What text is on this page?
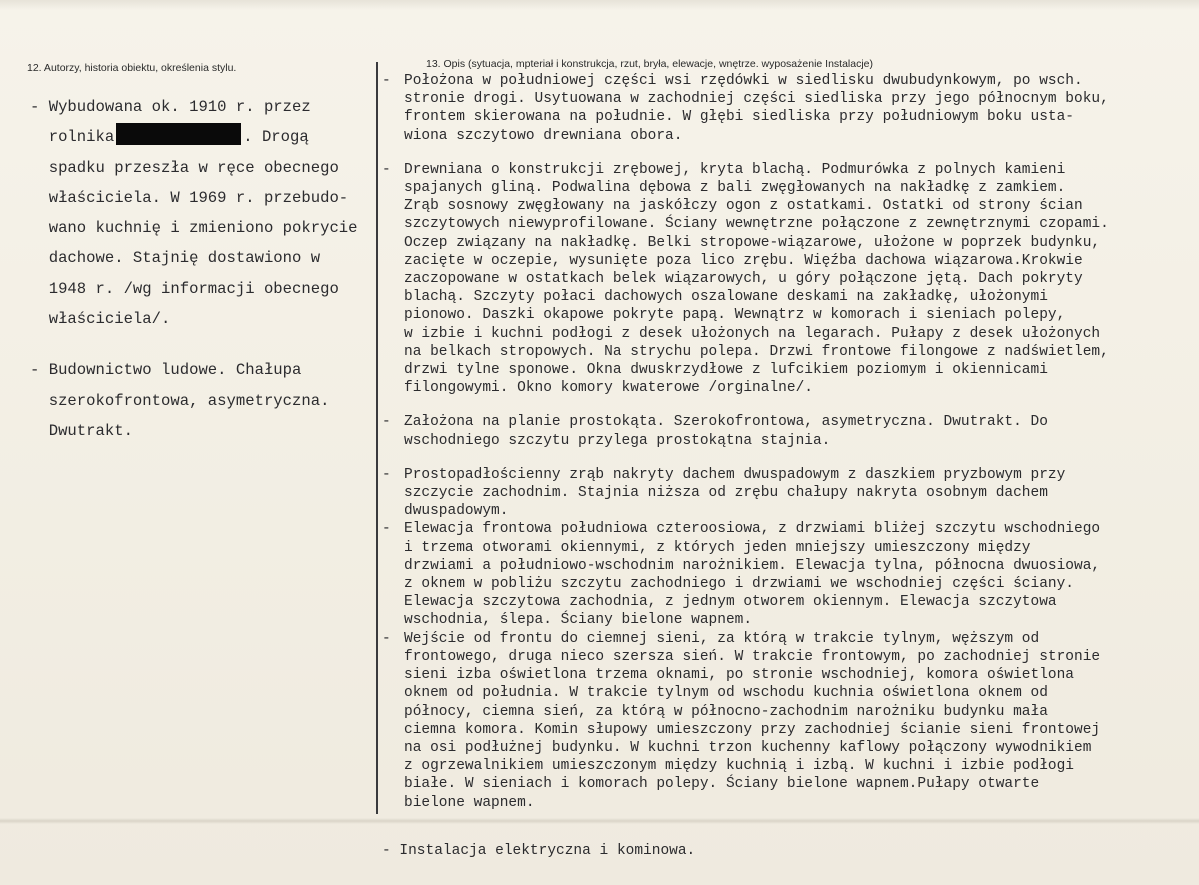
12. Autorzy, historia obiektu, określenia stylu.	13. Opis (sytuacja, mpteriał i konstrukcja, rzut, bryła, elewacje, wnętrze. wyposażenie Instalacje)
- Wybudowana ok. 1910 r. przez
rolnika	. Drogą
spadku przeszła w ręce obecnego
właściciela. W 1969 r. przebudo-
wano kuchnię i zmieniono pokrycie
dachowe. Stajnię dostawiono w
1948 r. /wg informacji obecnego
właściciela/.
- Budownictwo ludowe. Chałupa
szerokofrontowa, asymetryczna.
Dwutrakt.
- Położona w południowej części wsi rzędówki w siedlisku dwubudynkowym, po wsch.
stronie drogi. Usytuowana w zachodniej części siedliska przy jego północnym boku,
frontem skierowana na południe. W głębi siedliska przy południowym boku usta-
wiona szczytowo drewniana obora.
- Drewniana o konstrukcji zrębowej, kryta blachą. Podmurówka z polnych kamieni
spajanych gliną. Podwalina dębowa z bali zwęgłowanych na nakładkę z zamkiem.
Zrąb sosnowy zwęgłowany na jaskółczy ogon z ostatkami. Ostatki od strony ścian
szczytowych niewyprofilowane. Ściany wewnętrzne połączone z zewnętrznymi czopami.
Oczep związany na nakładkę. Belki stropowe-wiązarowe, ułożone w poprzek budynku,
zacięte w oczepie, wysunięte poza lico zrębu. Więźba dachowa wiązarowa.Krokwie
zaczopowane w ostatkach belek wiązarowych, u góry połączone jętą. Dach pokryty
blachą. Szczyty połaci dachowych oszalowane deskami na zakładkę, ułożonymi
pionowo. Daszki okapowe pokryte papą. Wewnątrz w komorach i sieniach polepy,
w izbie i kuchni podłogi z desek ułożonych na legarach. Pułapy z desek ułożonych
na belkach stropowych. Na strychu polepa. Drzwi frontowe filongowe z nadświetlem,
drzwi tylne sponowe. Okna dwuskrzydłowe z lufcikiem poziomym i okiennicami
filongowymi. Okno komory kwaterowe /orginalne/.
- Założona na planie prostokąta. Szerokofrontowa, asymetryczna. Dwutrakt. Do
wschodniego szczytu przylega prostokątna stajnia.
- Prostopadłościenny zrąb nakryty dachem dwuspadowym z daszkiem pryzbowym przy
szczycie zachodnim. Stajnia niższa od zrębu chałupy nakryta osobnym dachem
dwuspadowym.
- Elewacja frontowa południowa czteroosiowa, z drzwiami bliżej szczytu wschodniego
i trzema otworami okiennymi, z których jeden mniejszy umieszczony między
drzwiami a południowo-wschodnim narożnikiem. Elewacja tylna, północna dwuosiowa,
z oknem w pobliżu szczytu zachodniego i drzwiami we wschodniej części ściany.
Elewacja szczytowa zachodnia, z jednym otworem okiennym. Elewacja szczytowa
wschodnia, ślepa. Ściany bielone wapnem.
- Wejście od frontu do ciemnej sieni, za którą w trakcie tylnym, węższym od
frontowego, druga nieco szersza sień. W trakcie frontowym, po zachodniej stronie
sieni izba oświetlona trzema oknami, po stronie wschodniej, komora oświetlona
oknem od południa. W trakcie tylnym od wschodu kuchnia oświetlona oknem od
północy, ciemna sień, za którą w północno-zachodnim narożniku budynku mała
ciemna komora. Komin słupowy umieszczony przy zachodniej ścianie sieni frontowej
na osi podłużnej budynku. W kuchni trzon kuchenny kaflowy połączony wywodnikiem
z ogrzewalnikiem umieszczonym między kuchnią i izbą. W kuchni i izbie podłogi
białe. W sieniach i komorach polepy. Ściany bielone wapnem.Pułapy otwarte
bielone wapnem.
- Instalacja elektryczna i kominowa.
